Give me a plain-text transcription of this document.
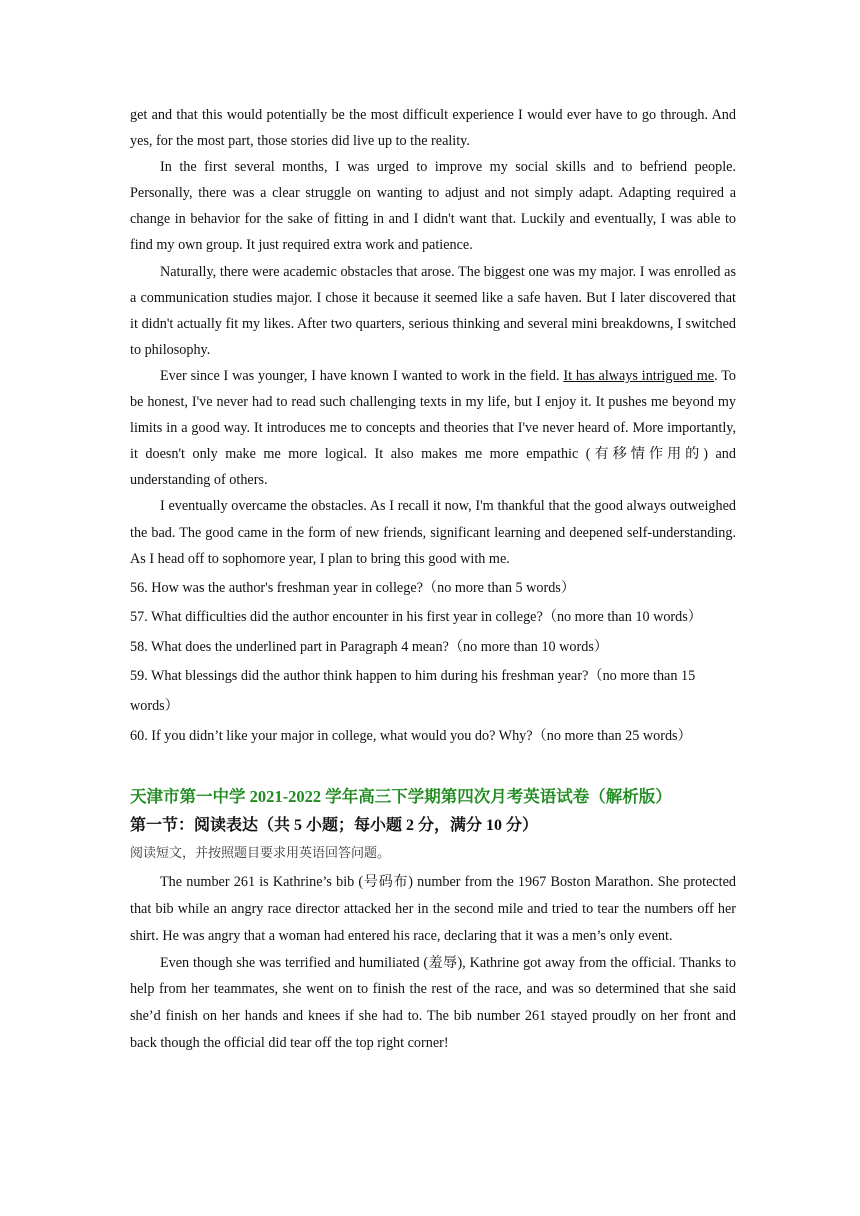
get and that this would potentially be the most difficult experience I would ever have to go through. And yes, for the most part, those stories did live up to the reality.

In the first several months, I was urged to improve my social skills and to befriend people. Personally, there was a clear struggle on wanting to adjust and not simply adapt. Adapting required a change in behavior for the sake of fitting in and I didn't want that. Luckily and eventually, I was able to find my own group. It just required extra work and patience.

Naturally, there were academic obstacles that arose. The biggest one was my major. I was enrolled as a communication studies major. I chose it because it seemed like a safe haven. But I later discovered that it didn't actually fit my likes. After two quarters, serious thinking and several mini breakdowns, I switched to philosophy.

Ever since I was younger, I have known I wanted to work in the field. It has always intrigued me. To be honest, I've never had to read such challenging texts in my life, but I enjoy it. It pushes me beyond my limits in a good way. It introduces me to concepts and theories that I've never heard of. More importantly, it doesn't only make me more logical. It also makes me more empathic (有移情作用的) and understanding of others.

I eventually overcame the obstacles. As I recall it now, I'm thankful that the good always outweighed the bad. The good came in the form of new friends, significant learning and deepened self-understanding. As I head off to sophomore year, I plan to bring this good with me.

56. How was the author's freshman year in college?（no more than 5 words）

57. What difficulties did the author encounter in his first year in college?（no more than 10 words）

58. What does the underlined part in Paragraph 4 mean?（no more than 10 words）

59. What blessings did the author think happen to him during his freshman year?（no more than 15 words）

60. If you didn’t like your major in college, what would you do? Why?（no more than 25 words）

天津市第一中学 2021-2022 学年高三下学期第四次月考英语试卷（解析版）
第一节：阅读表达（共 5 小题；每小题 2 分，满分 10 分）

阅读短文，并按照题目要求用英语回答问题。

The number 261 is Kathrine’s bib (号码布) number from the 1967 Boston Marathon. She protected that bib while an angry race director attacked her in the second mile and tried to tear the numbers off her shirt. He was angry that a woman had entered his race, declaring that it was a men’s only event.

Even though she was terrified and humiliated (羞辱), Kathrine got away from the official. Thanks to help from her teammates, she went on to finish the rest of the race, and was so determined that she said she’d finish on her hands and knees if she had to. The bib number 261 stayed proudly on her front and back though the official did tear off the top right corner!
